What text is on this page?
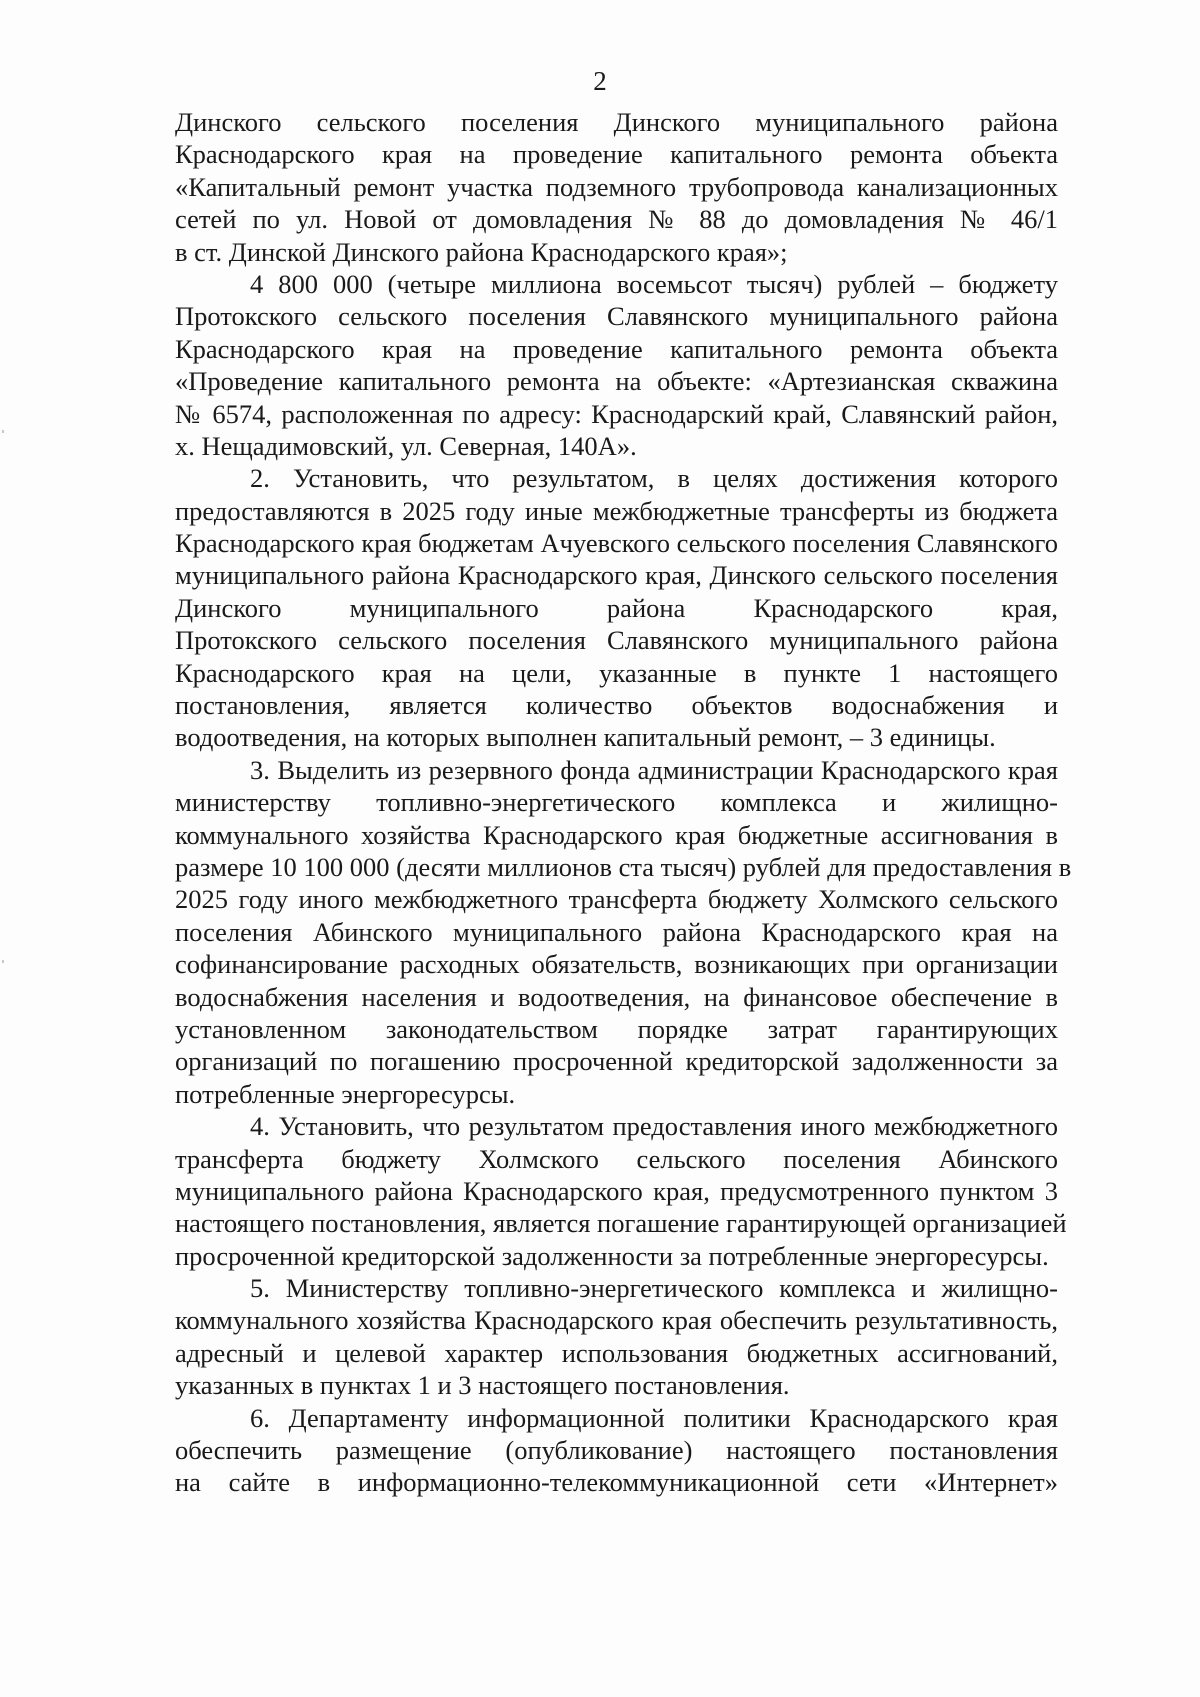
2
Динского сельского поселения Динского муниципального района
Краснодарского края на проведение капитального ремонта объекта
«Капитальный ремонт участка подземного трубопровода канализационных
сетей по ул. Новой от домовладения № 88 до домовладения № 46/1
в ст. Динской Динского района Краснодарского края»;
4 800 000 (четыре миллиона восемьсот тысяч) рублей – бюджету
Протокского сельского поселения Славянского муниципального района
Краснодарского края на проведение капитального ремонта объекта
«Проведение капитального ремонта на объекте: «Артезианская скважина
№ 6574, расположенная по адресу: Краснодарский край, Славянский район,
х. Нещадимовский, ул. Северная, 140А».
2. Установить, что результатом, в целях достижения которого
предоставляются в 2025 году иные межбюджетные трансферты из бюджета
Краснодарского края бюджетам Ачуевского сельского поселения Славянского
муниципального района Краснодарского края, Динского сельского поселения
Динского муниципального района Краснодарского края,
Протокского сельского поселения Славянского муниципального района
Краснодарского края на цели, указанные в пункте 1 настоящего
постановления, является количество объектов водоснабжения и
водоотведения, на которых выполнен капитальный ремонт, – 3 единицы.
3. Выделить из резервного фонда администрации Краснодарского края
министерству топливно-энергетического комплекса и жилищно-
коммунального хозяйства Краснодарского края бюджетные ассигнования в
размере 10 100 000 (десяти миллионов ста тысяч) рублей для предоставления в
2025 году иного межбюджетного трансферта бюджету Холмского сельского
поселения Абинского муниципального района Краснодарского края на
софинансирование расходных обязательств, возникающих при организации
водоснабжения населения и водоотведения, на финансовое обеспечение в
установленном законодательством порядке затрат гарантирующих
организаций по погашению просроченной кредиторской задолженности за
потребленные энергоресурсы.
4. Установить, что результатом предоставления иного межбюджетного
трансферта бюджету Холмского сельского поселения Абинского
муниципального района Краснодарского края, предусмотренного пунктом 3
настоящего постановления, является погашение гарантирующей организацией
просроченной кредиторской задолженности за потребленные энергоресурсы.
5. Министерству топливно-энергетического комплекса и жилищно-
коммунального хозяйства Краснодарского края обеспечить результативность,
адресный и целевой характер использования бюджетных ассигнований,
указанных в пунктах 1 и 3 настоящего постановления.
6. Департаменту информационной политики Краснодарского края
обеспечить размещение (опубликование) настоящего постановления
на сайте в информационно-телекоммуникационной сети «Интернет»
